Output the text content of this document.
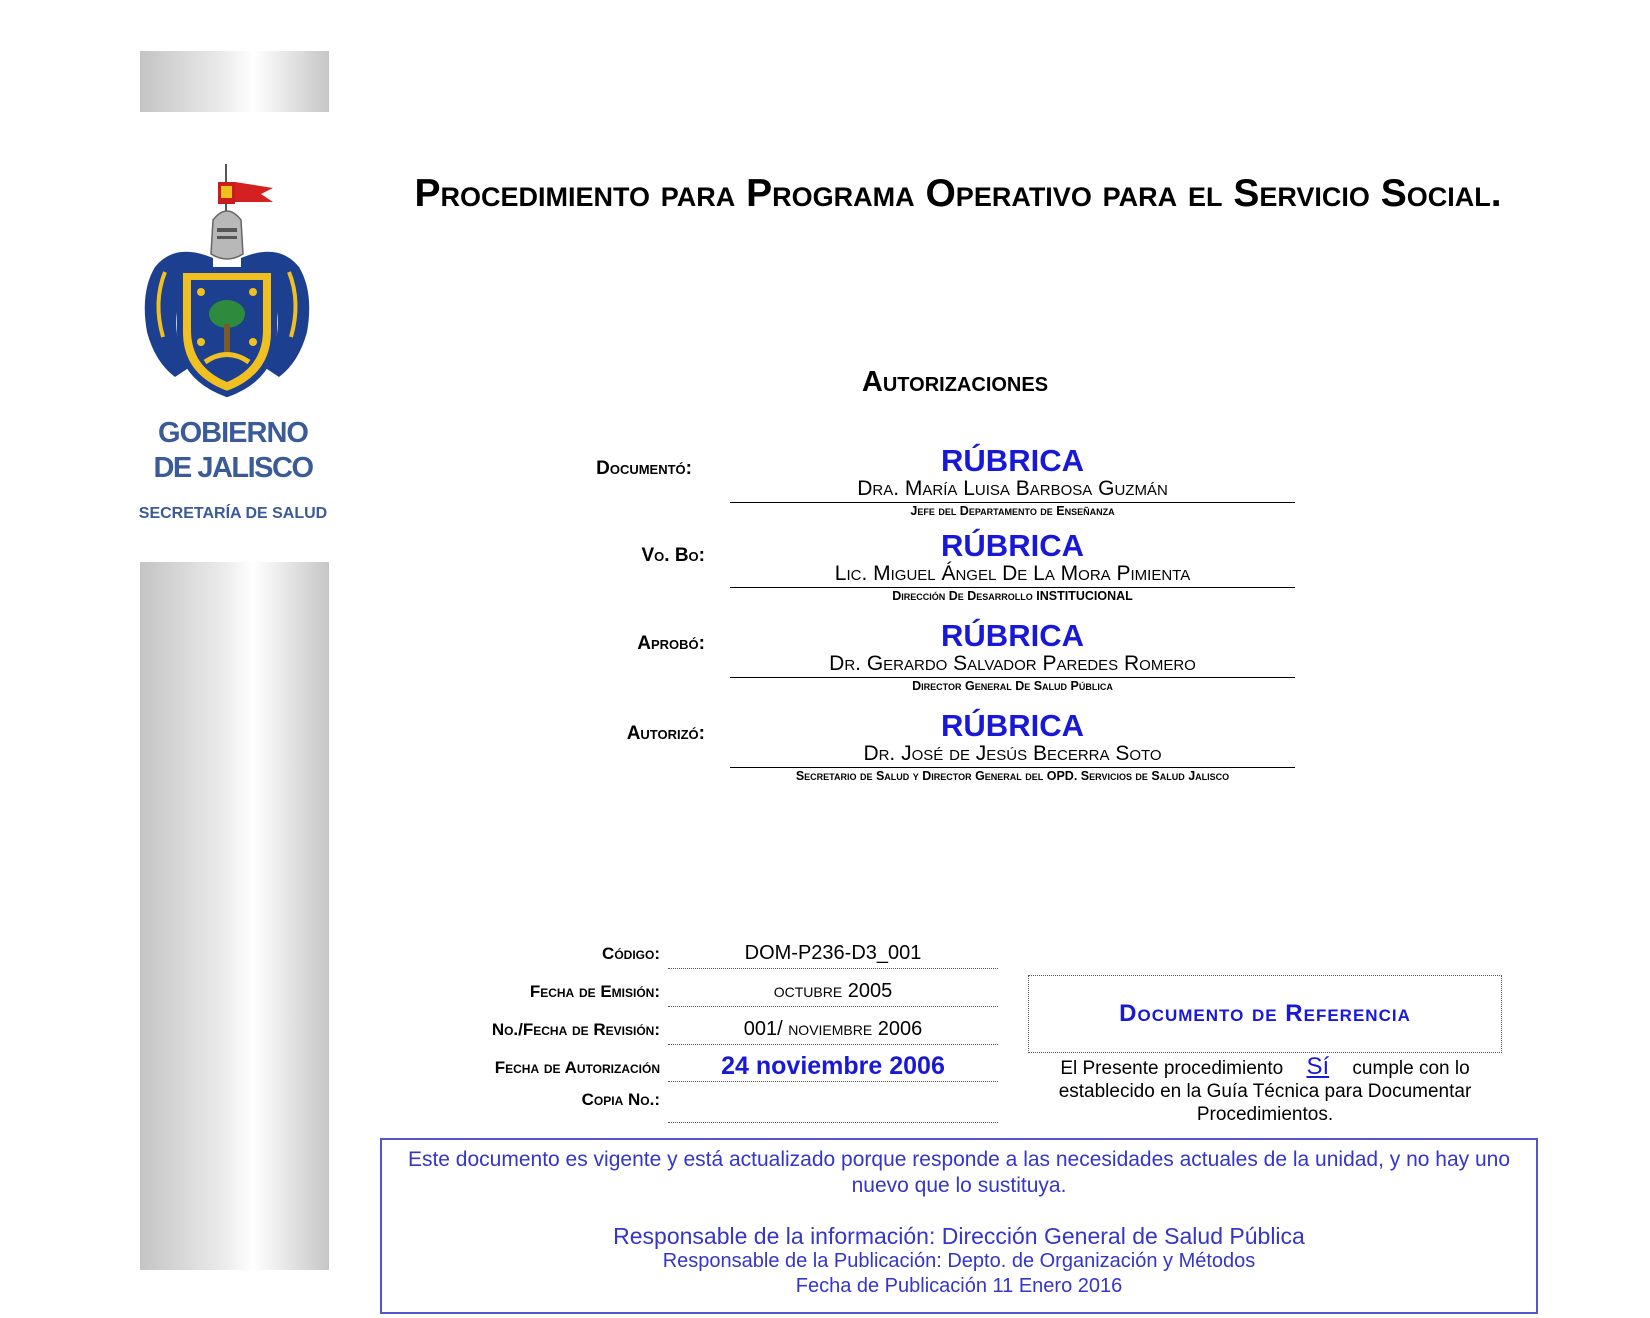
GOBIERNO
DE JALISCO
SECRETARÍA DE SALUD
Procedimiento para Programa Operativo para el Servicio Social.
Autorizaciones
Documentó:	RÚBRICA
Dra. María Luisa Barbosa Guzmán
Jefe del Departamento de Enseñanza
Vo. Bo:	RÚBRICA
Lic. Miguel Ángel De La Mora Pimienta
Dirección De Desarrollo INSTITUCIONAL
Aprobó:	RÚBRICA
Dr. Gerardo Salvador Paredes Romero
Director General De Salud Pública
Autorizó:	RÚBRICA
Dr. José de Jesús Becerra Soto
Secretario de Salud y Director General del OPD. Servicios de Salud Jalisco
Código:	DOM-P236-D3_001
Fecha de Emisión:	octubre 2005
No./Fecha de Revisión:	001/ noviembre 2006
Fecha de Autorización	24 noviembre 2006
Copia No.:
Documento de Referencia
El Presente procedimiento Sí cumple con lo establecido en la Guía Técnica para Documentar Procedimientos.
Este documento es vigente y está actualizado porque responde a las necesidades actuales de la unidad, y no hay uno nuevo que lo sustituya.
Responsable de la información: Dirección General de Salud Pública
Responsable de la Publicación: Depto. de Organización y Métodos
Fecha de Publicación 11 Enero 2016
